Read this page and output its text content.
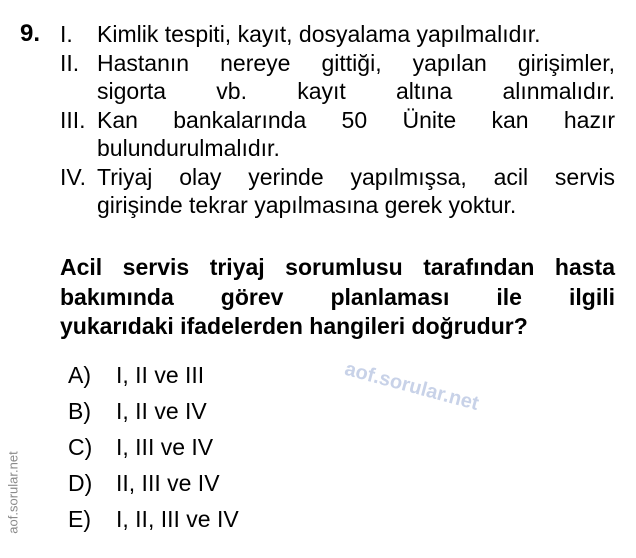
9. I.	Kimlik tespiti, kayıt, dosyalama yapılmalıdır.
II. Hastanın nereye gittiği, yapılan girişimler,
sigorta vb. kayıt altına alınmalıdır.
III. Kan bankalarında 50 Ünite kan hazır
bulundurulmalıdır.
IV. Triyaj olay yerinde yapılmışsa, acil servis
girişinde tekrar yapılmasına gerek yoktur.
Acil servis triyaj sorumlusu tarafından hasta
bakımında görev planlaması ile ilgili
yukarıdaki ifadelerden hangileri doğrudur?
A)	I, II ve III
B)	I, II ve IV
C)	I, III ve IV
D)	II, III ve IV
E)	I, II, III ve IV
aof.sorular.net
aof.sorular.net
